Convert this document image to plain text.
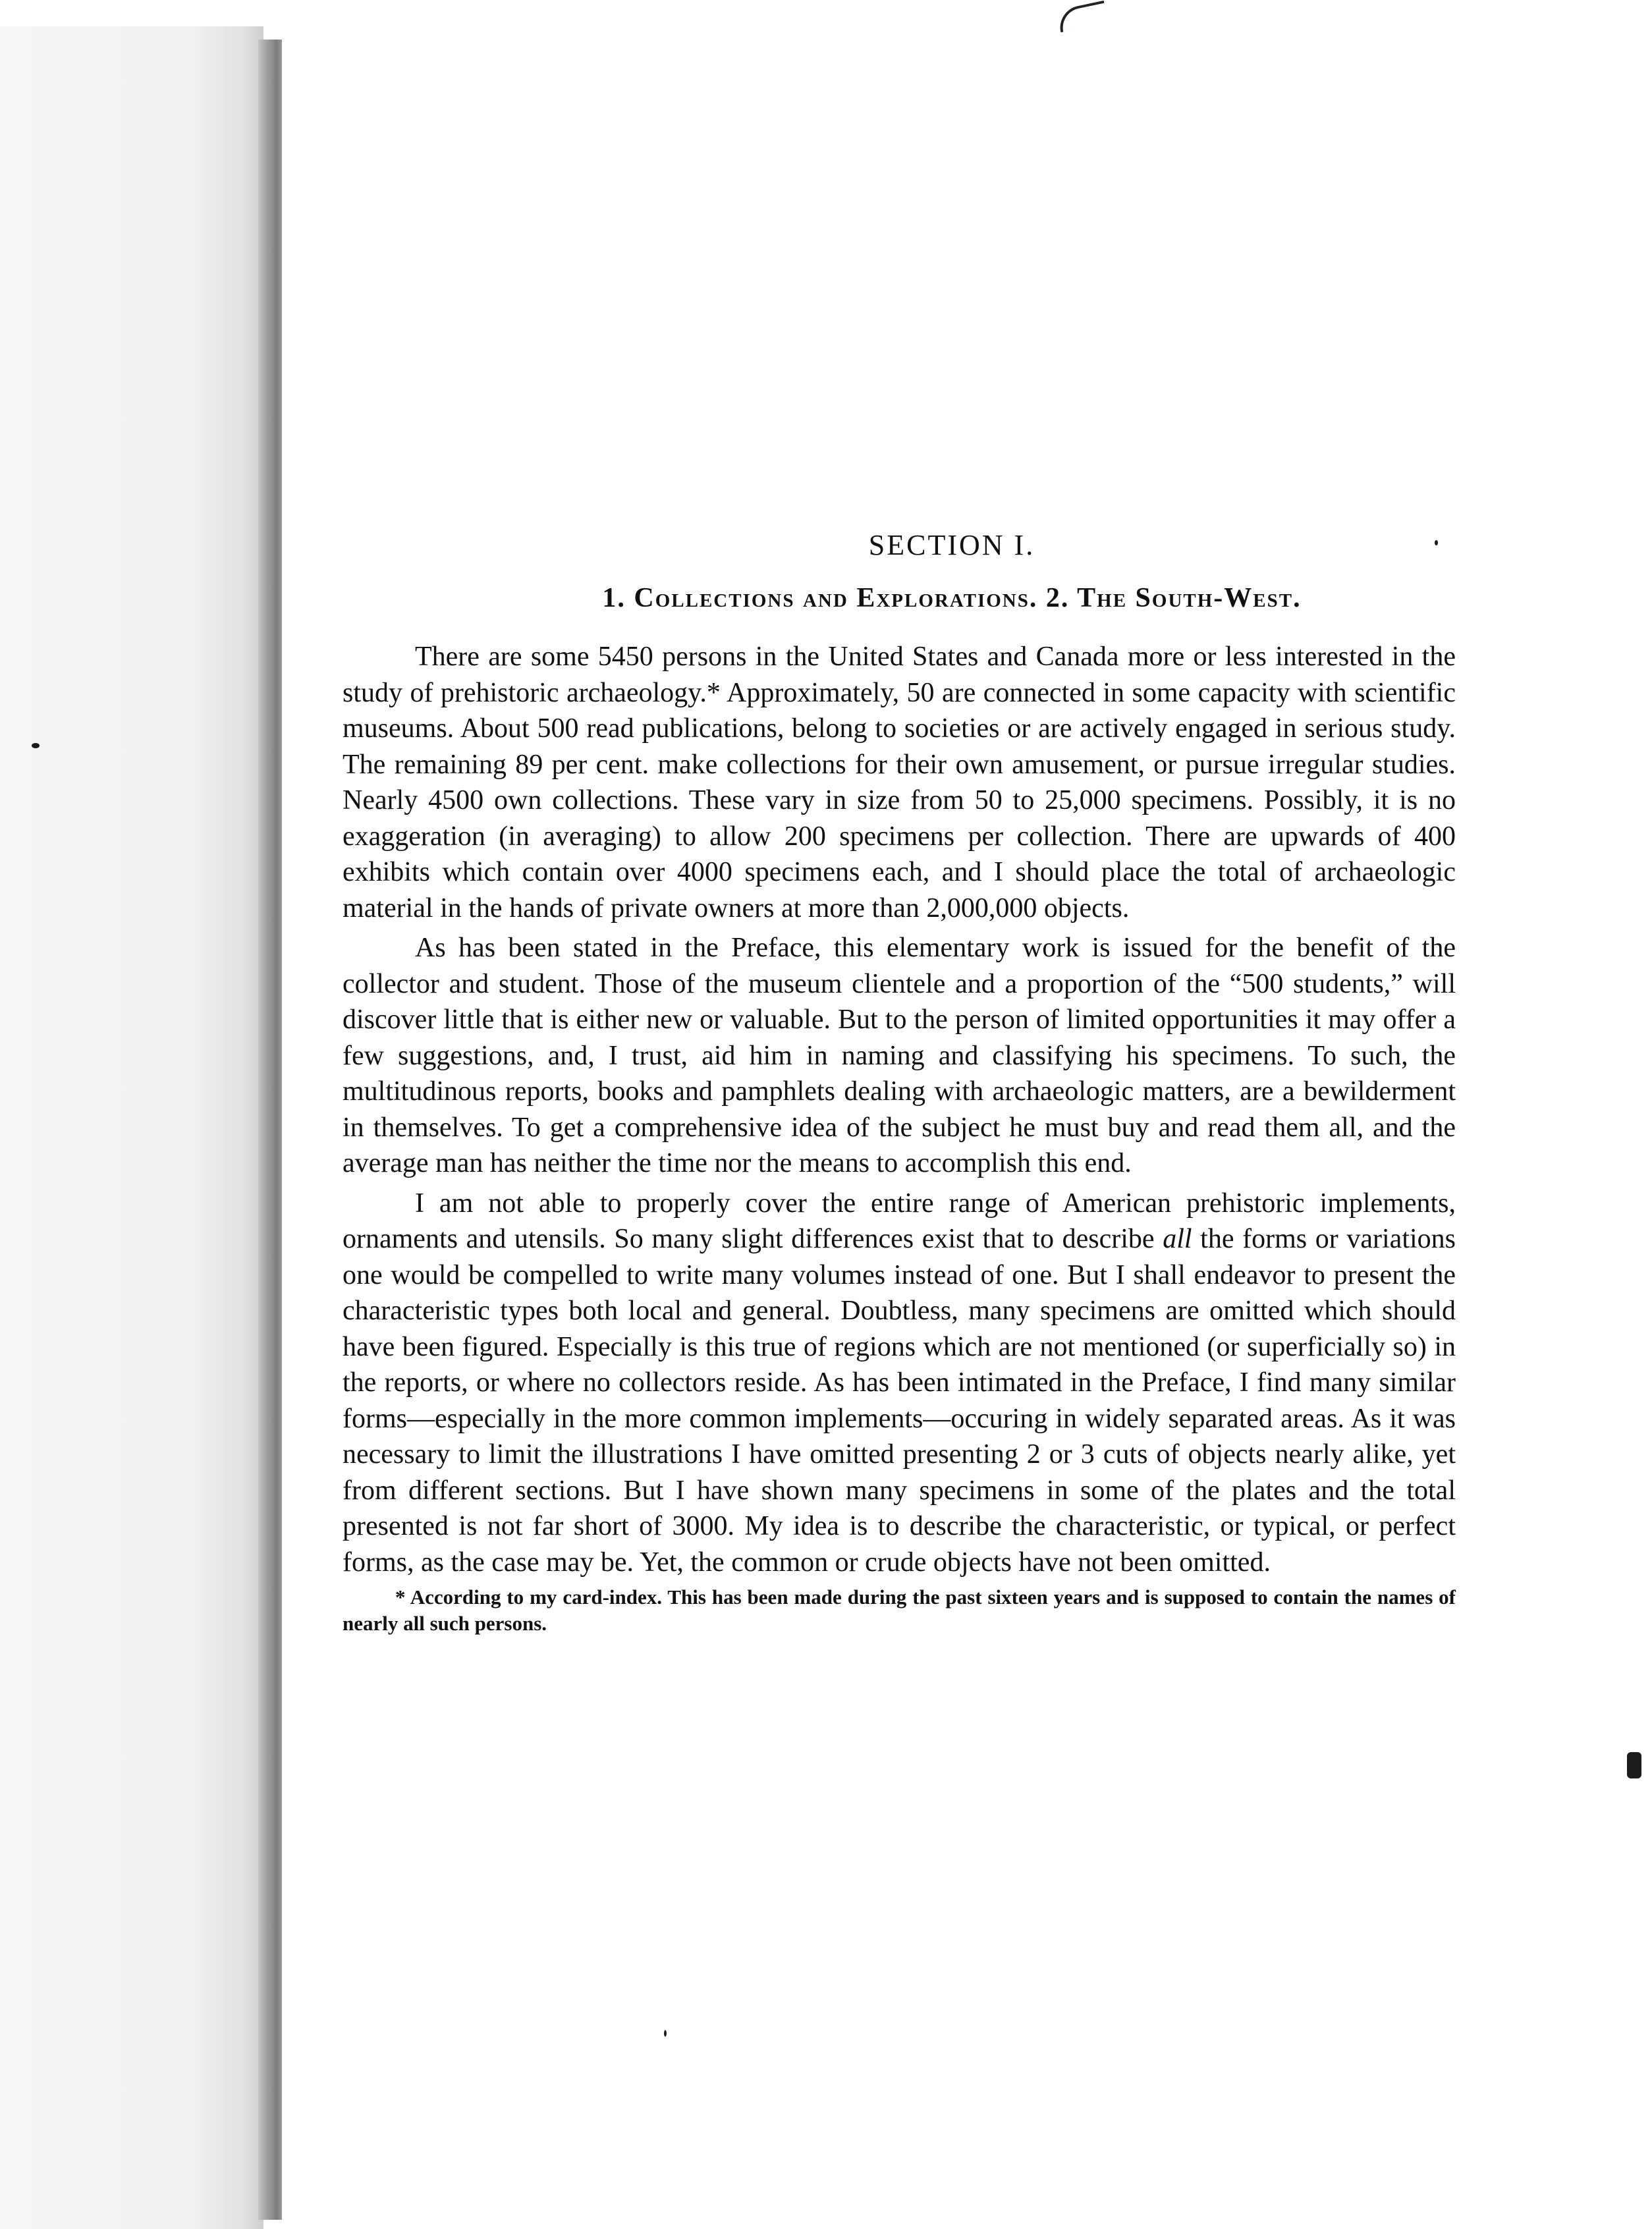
SECTION I.
1. Collections and Explorations. 2. The South-West.

There are some 5450 persons in the United States and Canada more or less interested in the study of prehistoric archaeology.* Approximately, 50 are connected in some capacity with scientific museums. About 500 read publications, belong to societies or are actively engaged in serious study. The remaining 89 per cent. make collections for their own amusement, or pursue irregular studies. Nearly 4500 own collections. These vary in size from 50 to 25,000 specimens. Possibly, it is no exaggeration (in averaging) to allow 200 specimens per collection. There are upwards of 400 exhibits which contain over 4000 specimens each, and I should place the total of archaeologic material in the hands of private owners at more than 2,000,000 objects.

As has been stated in the Preface, this elementary work is issued for the benefit of the collector and student. Those of the museum clientele and a proportion of the “500 students,” will discover little that is either new or valuable. But to the person of limited opportunities it may offer a few suggestions, and, I trust, aid him in naming and classifying his specimens. To such, the multitudinous reports, books and pamphlets dealing with archaeologic matters, are a bewilderment in themselves. To get a comprehensive idea of the subject he must buy and read them all, and the average man has neither the time nor the means to accomplish this end.

I am not able to properly cover the entire range of American prehistoric implements, ornaments and utensils. So many slight differences exist that to describe all the forms or variations one would be compelled to write many volumes instead of one. But I shall endeavor to present the characteristic types both local and general. Doubtless, many specimens are omitted which should have been figured. Especially is this true of regions which are not mentioned (or superficially so) in the reports, or where no collectors reside. As has been intimated in the Preface, I find many similar forms—especially in the more common implements—occuring in widely separated areas. As it was necessary to limit the illustrations I have omitted presenting 2 or 3 cuts of objects nearly alike, yet from different sections. But I have shown many specimens in some of the plates and the total presented is not far short of 3000. My idea is to describe the characteristic, or typical, or perfect forms, as the case may be. Yet, the common or crude objects have not been omitted.

* According to my card-index. This has been made during the past sixteen years and is supposed to contain the names of nearly all such persons.
